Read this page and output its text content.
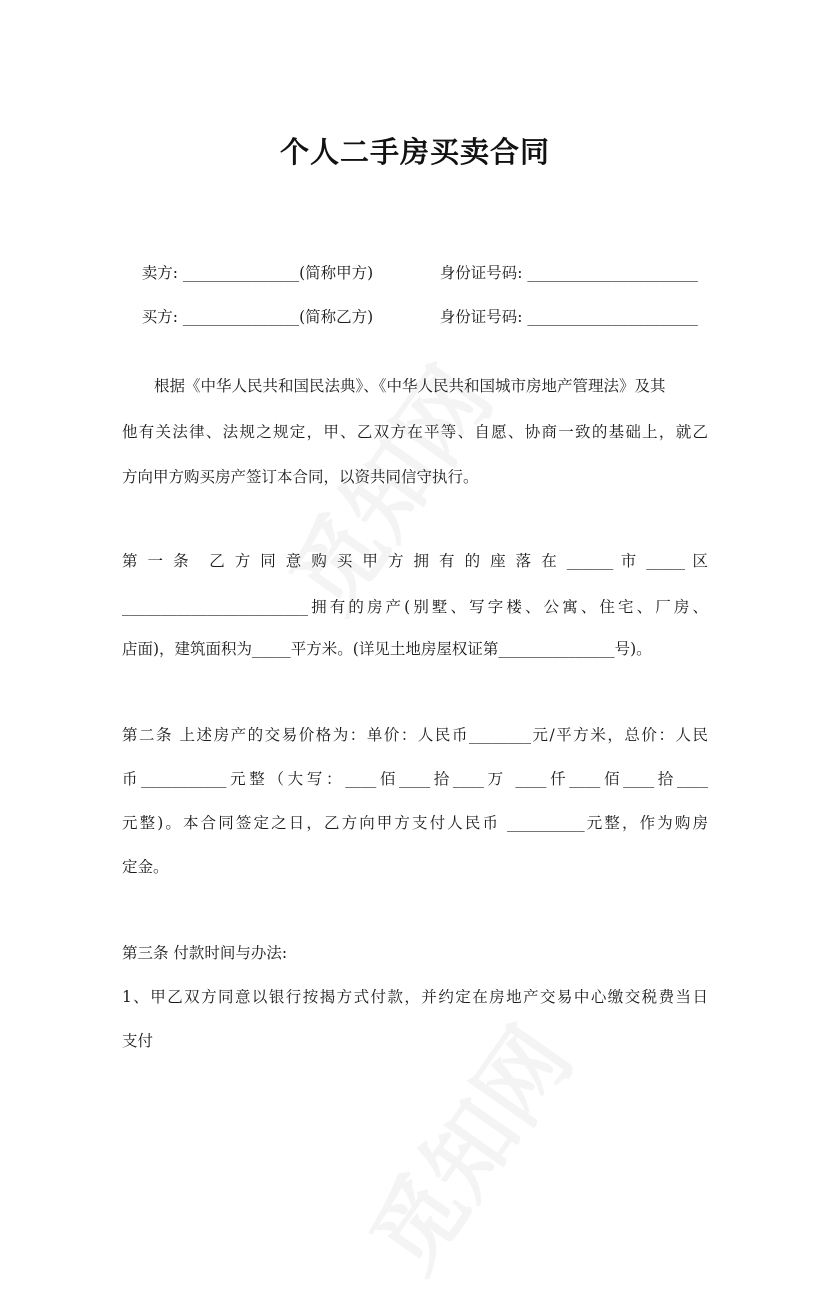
个人二手房买卖合同

卖方: _______________(简称甲方)
	身份证号码: ______________________

买方: _______________(简称乙方)
	身份证号码: ______________________

根据《中华人民共和国民法典》、《中华人民共和国城市房地产管理法》及其
他有关法律、法规之规定，甲、乙双方在平等、自愿、协商一致的基础上，就乙
方向甲方购买房产签订本合同，以资共同信守执行。
第 一 条　乙 方 同 意 购 买 甲 方 拥 有 的 座 落 在 ______ 市 _____ 区
________________________拥有的房产(别墅、写字楼、公寓、住宅、厂房、
店面)，建筑面积为_____平方米。(详见土地房屋权证第_______________号)。
第二条 上述房产的交易价格为：单价：人民币________元/平方米，总价：人民
币___________元整（大写：____佰____拾____万 ____仟____佰____拾____
元整)。本合同签定之日，乙方向甲方支付人民币 __________元整，作为购房
定金。
第三条 付款时间与办法:
1、甲乙双方同意以银行按揭方式付款，并约定在房地产交易中心缴交税费当日
支付
